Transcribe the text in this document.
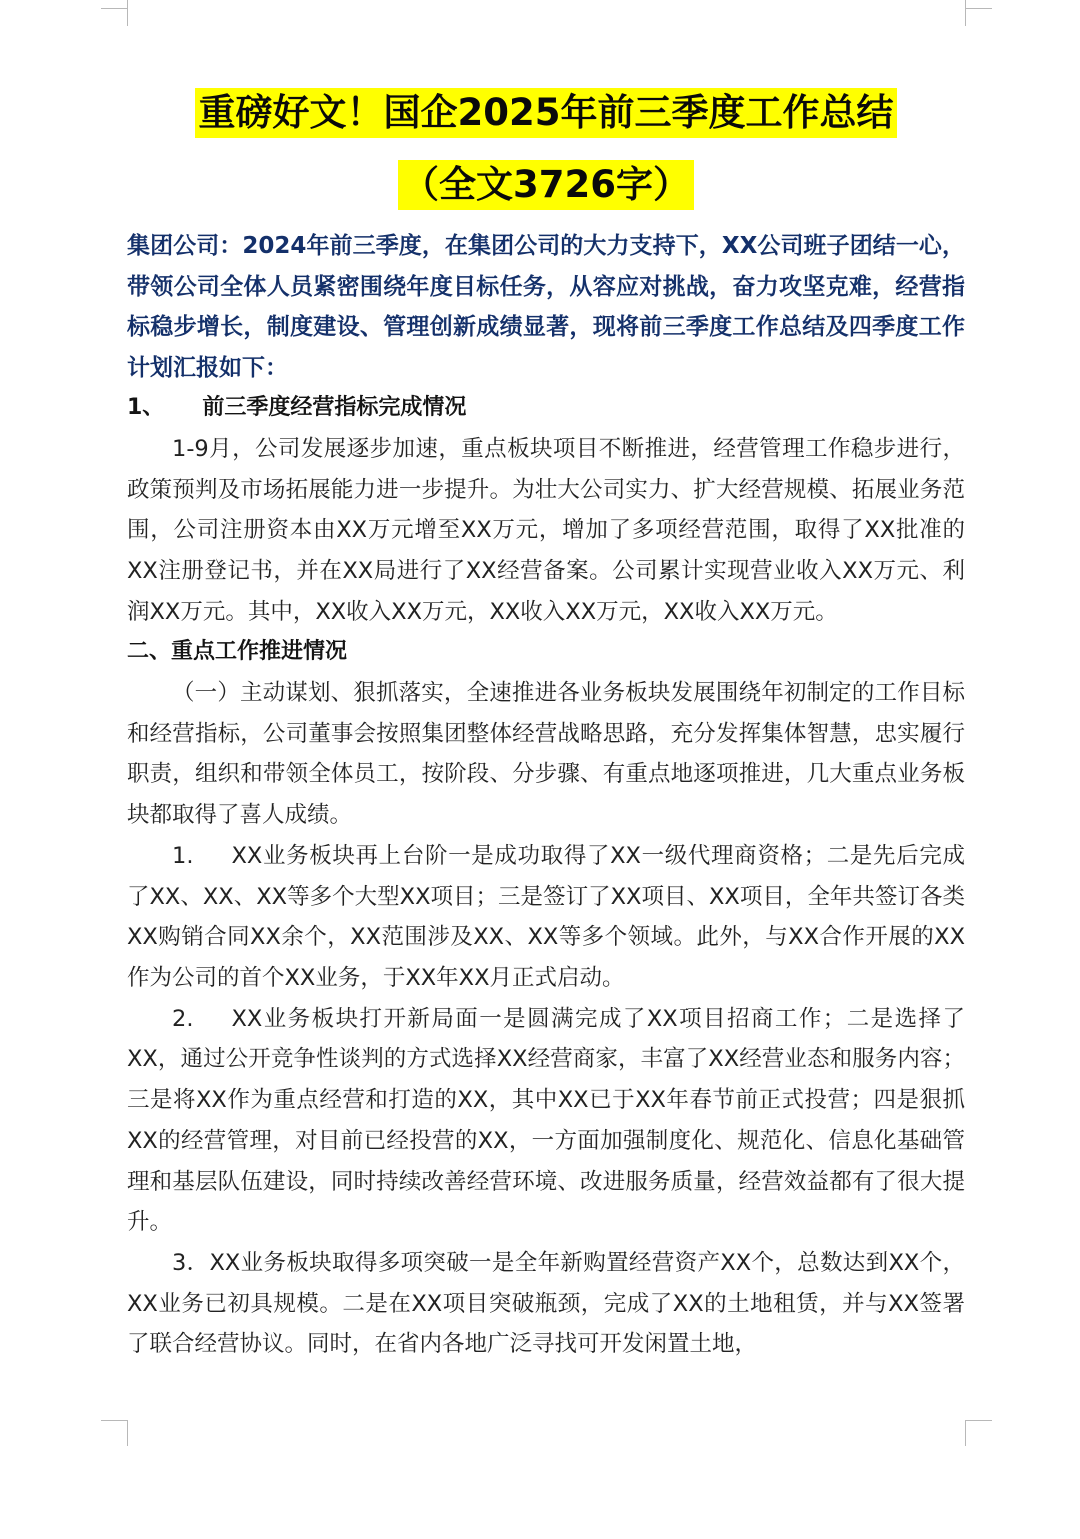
重磅好文！国企2025年前三季度工作总结
（全文3726字）

集团公司：2024年前三季度，在集团公司的大力支持下，XX公司班子团结一心，带领公司全体人员紧密围绕年度目标任务，从容应对挑战，奋力攻坚克难，经营指标稳步增长，制度建设、管理创新成绩显著，现将前三季度工作总结及四季度工作计划汇报如下：

1、 前三季度经营指标完成情况

1-9月，公司发展逐步加速，重点板块项目不断推进，经营管理工作稳步进行，政策预判及市场拓展能力进一步提升。为壮大公司实力、扩大经营规模、拓展业务范围，公司注册资本由XX万元增至XX万元，增加了多项经营范围，取得了XX批准的XX注册登记书，并在XX局进行了XX经营备案。公司累计实现营业收入XX万元、利润XX万元。其中，XX收入XX万元，XX收入XX万元，XX收入XX万元。

二、重点工作推进情况

（一）主动谋划、狠抓落实，全速推进各业务板块发展围绕年初制定的工作目标和经营指标，公司董事会按照集团整体经营战略思路，充分发挥集体智慧，忠实履行职责，组织和带领全体员工，按阶段、分步骤、有重点地逐项推进，几大重点业务板块都取得了喜人成绩。

1. XX业务板块再上台阶一是成功取得了XX一级代理商资格；二是先后完成了XX、XX、XX等多个大型XX项目；三是签订了XX项目、XX项目，全年共签订各类XX购销合同XX余个，XX范围涉及XX、XX等多个领域。此外，与XX合作开展的XX作为公司的首个XX业务，于XX年XX月正式启动。

2. XX业务板块打开新局面一是圆满完成了XX项目招商工作；二是选择了XX，通过公开竞争性谈判的方式选择XX经营商家，丰富了XX经营业态和服务内容；三是将XX作为重点经营和打造的XX，其中XX已于XX年春节前正式投营；四是狠抓XX的经营管理，对目前已经投营的XX，一方面加强制度化、规范化、信息化基础管理和基层队伍建设，同时持续改善经营环境、改进服务质量，经营效益都有了很大提升。

3．XX业务板块取得多项突破一是全年新购置经营资产XX个，总数达到XX个，XX业务已初具规模。二是在XX项目突破瓶颈，完成了XX的土地租赁，并与XX签署了联合经营协议。同时，在省内各地广泛寻找可开发闲置土地，
